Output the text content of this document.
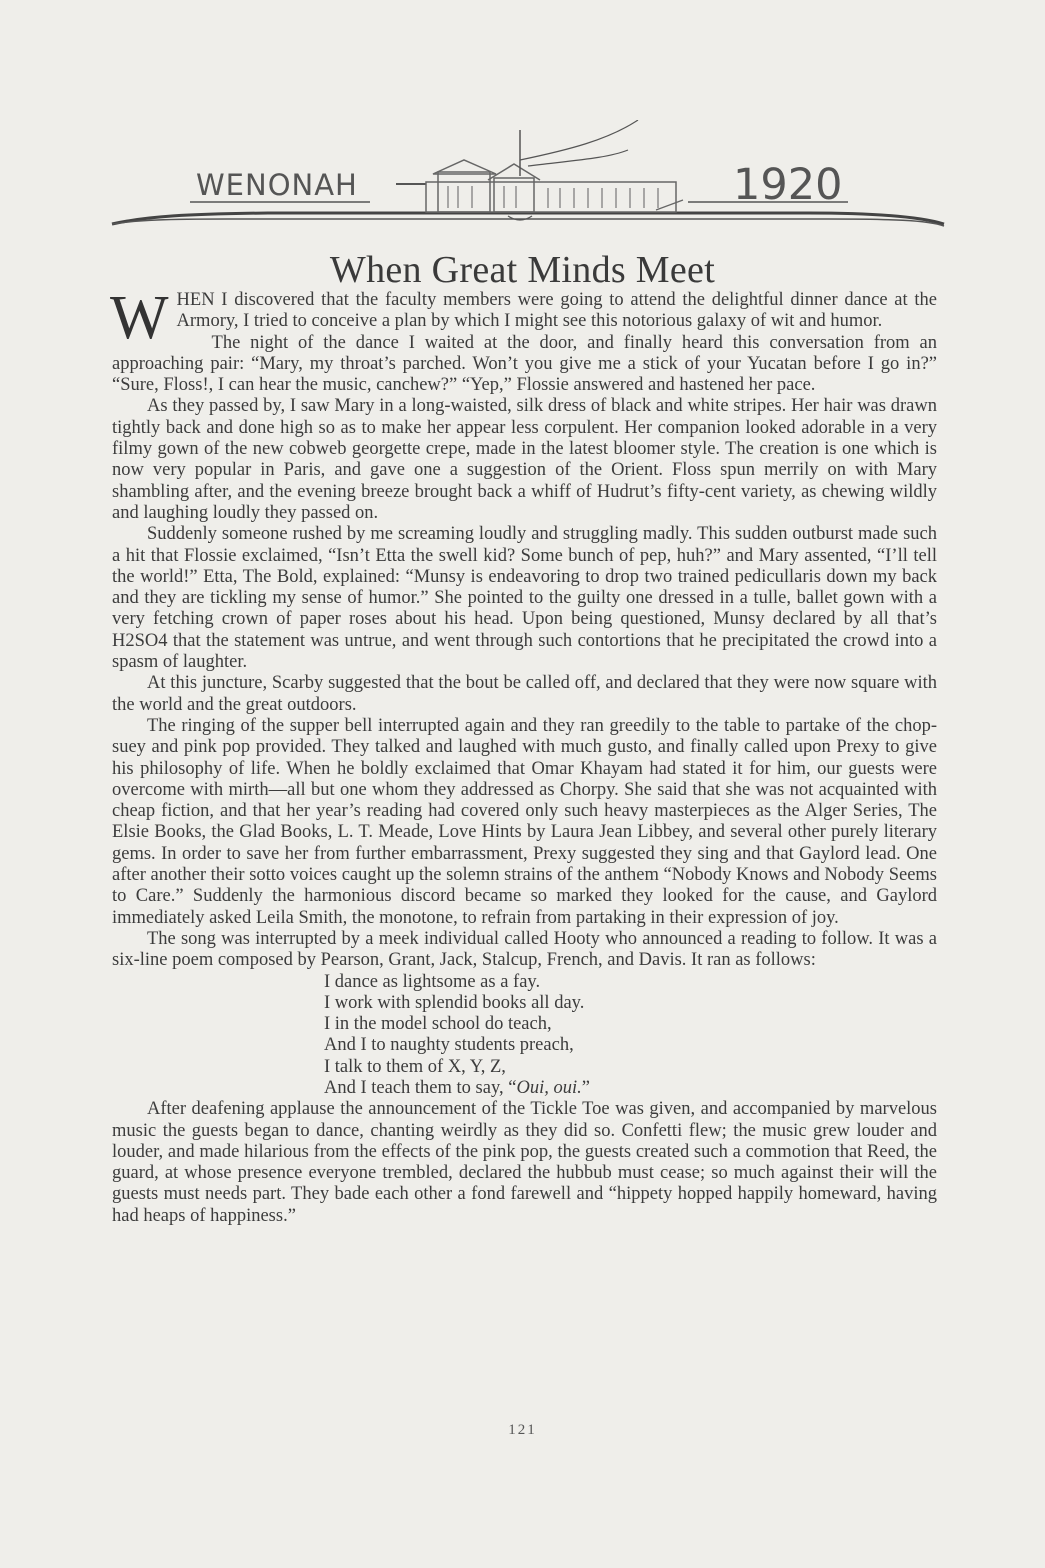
WENONAH	1920
When Great Minds Meet

WHEN I discovered that the faculty members were going to attend the delightful dinner dance at the Armory, I tried to conceive a plan by which I might see this notorious galaxy of wit and humor.

The night of the dance I waited at the door, and finally heard this conversation from an approaching pair: “Mary, my throat’s parched. Won’t you give me a stick of your Yucatan before I go in?” “Sure, Floss!, I can hear the music, canchew?” “Yep,” Flossie answered and hastened her pace.

As they passed by, I saw Mary in a long-waisted, silk dress of black and white stripes. Her hair was drawn tightly back and done high so as to make her appear less corpulent. Her companion looked adorable in a very filmy gown of the new cobweb georgette crepe, made in the latest bloomer style. The creation is one which is now very popular in Paris, and gave one a suggestion of the Orient. Floss spun merrily on with Mary shambling after, and the evening breeze brought back a whiff of Hudrut’s fifty-cent variety, as chewing wildly and laughing loudly they passed on.

Suddenly someone rushed by me screaming loudly and struggling madly. This sudden outburst made such a hit that Flossie exclaimed, “Isn’t Etta the swell kid? Some bunch of pep, huh?” and Mary assented, “I’ll tell the world!” Etta, The Bold, explained: “Munsy is endeavoring to drop two trained pedicullaris down my back and they are tickling my sense of humor.” She pointed to the guilty one dressed in a tulle, ballet gown with a very fetching crown of paper roses about his head. Upon being questioned, Munsy declared by all that’s H2SO4 that the statement was untrue, and went through such contortions that he precipitated the crowd into a spasm of laughter.

At this juncture, Scarby suggested that the bout be called off, and declared that they were now square with the world and the great outdoors.

The ringing of the supper bell interrupted again and they ran greedily to the table to partake of the chop-suey and pink pop provided. They talked and laughed with much gusto, and finally called upon Prexy to give his philosophy of life. When he boldly exclaimed that Omar Khayam had stated it for him, our guests were overcome with mirth—all but one whom they addressed as Chorpy. She said that she was not acquainted with cheap fiction, and that her year’s reading had covered only such heavy masterpieces as the Alger Series, The Elsie Books, the Glad Books, L. T. Meade, Love Hints by Laura Jean Libbey, and several other purely literary gems. In order to save her from further embarrassment, Prexy suggested they sing and that Gaylord lead. One after another their sotto voices caught up the solemn strains of the anthem “Nobody Knows and Nobody Seems to Care.” Suddenly the harmonious discord became so marked they looked for the cause, and Gaylord immediately asked Leila Smith, the monotone, to refrain from partaking in their expression of joy.

The song was interrupted by a meek individual called Hooty who announced a reading to follow. It was a six-line poem composed by Pearson, Grant, Jack, Stalcup, French, and Davis. It ran as follows:

I dance as lightsome as a fay.
I work with splendid books all day.
I in the model school do teach,
And I to naughty students preach,
I talk to them of X, Y, Z,
And I teach them to say, “Oui, oui.”

After deafening applause the announcement of the Tickle Toe was given, and accompanied by marvelous music the guests began to dance, chanting weirdly as they did so. Confetti flew; the music grew louder and louder, and made hilarious from the effects of the pink pop, the guests created such a commotion that Reed, the guard, at whose presence everyone trembled, declared the hubbub must cease; so much against their will the guests must needs part. They bade each other a fond farewell and “hippety hopped happily homeward, having had heaps of happiness.”

121
